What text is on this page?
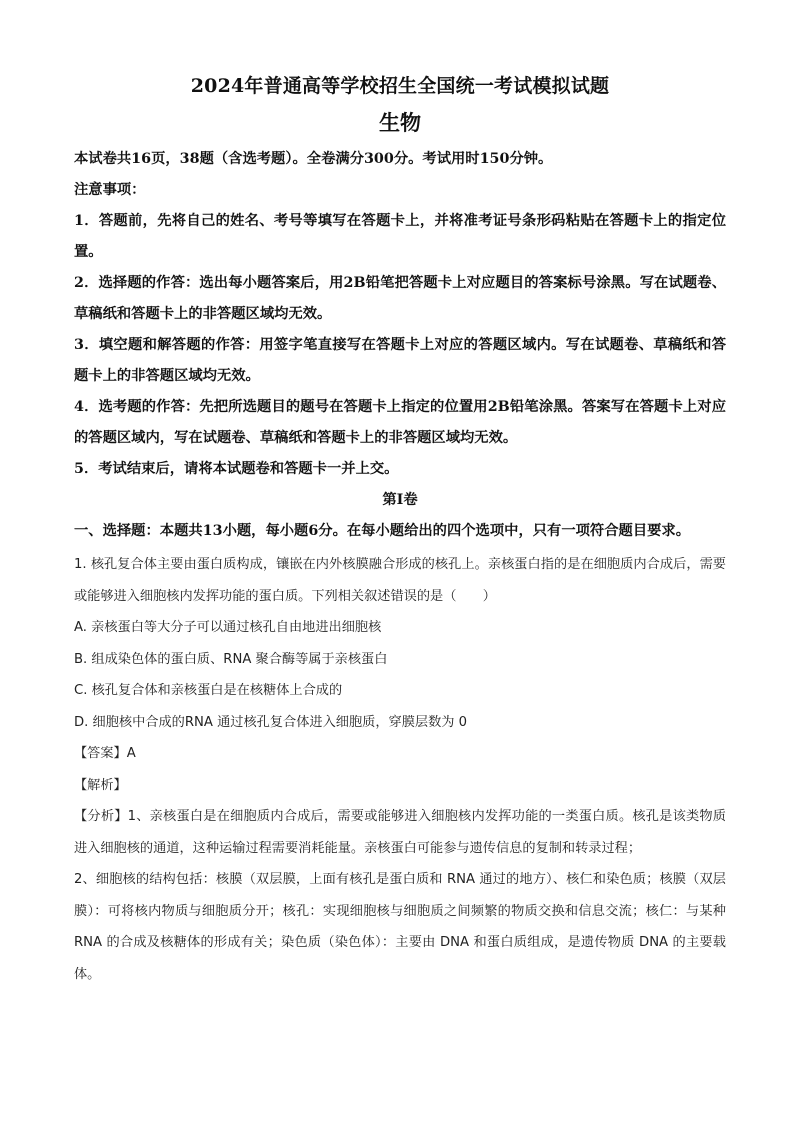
2024年普通高等学校招生全国统一考试模拟试题
生物

本试卷共16页，38题（含选考题）。全卷满分300分。考试用时150分钟。

注意事项：

1．答题前，先将自己的姓名、考号等填写在答题卡上，并将准考证号条形码粘贴在答题卡上的指定位置。

2．选择题的作答：选出每小题答案后，用2B铅笔把答题卡上对应题目的答案标号涂黑。写在试题卷、草稿纸和答题卡上的非答题区域均无效。

3．填空题和解答题的作答：用签字笔直接写在答题卡上对应的答题区域内。写在试题卷、草稿纸和答题卡上的非答题区域均无效。

4．选考题的作答：先把所选题目的题号在答题卡上指定的位置用2B铅笔涂黑。答案写在答题卡上对应的答题区域内，写在试题卷、草稿纸和答题卡上的非答题区域均无效。

5．考试结束后，请将本试题卷和答题卡一并上交。

第I卷

一、选择题：本题共13小题，每小题6分。在每小题给出的四个选项中，只有一项符合题目要求。

1. 核孔复合体主要由蛋白质构成，镶嵌在内外核膜融合形成的核孔上。亲核蛋白指的是在细胞质内合成后，需要或能够进入细胞核内发挥功能的蛋白质。下列相关叙述错误的是（　　）

A. 亲核蛋白等大分子可以通过核孔自由地进出细胞核

B. 组成染色体的蛋白质、RNA 聚合酶等属于亲核蛋白

C. 核孔复合体和亲核蛋白是在核糖体上合成的

D. 细胞核中合成的RNA 通过核孔复合体进入细胞质，穿膜层数为 0

【答案】A

【解析】

【分析】1、亲核蛋白是在细胞质内合成后，需要或能够进入细胞核内发挥功能的一类蛋白质。核孔是该类物质进入细胞核的通道，这种运输过程需要消耗能量。亲核蛋白可能参与遗传信息的复制和转录过程；

2、细胞核的结构包括：核膜（双层膜，上面有核孔是蛋白质和 RNA 通过的地方）、核仁和染色质；核膜（双层膜）：可将核内物质与细胞质分开；核孔：实现细胞核与细胞质之间频繁的物质交换和信息交流；核仁：与某种 RNA 的合成及核糖体的形成有关；染色质（染色体）：主要由 DNA 和蛋白质组成，是遗传物质 DNA 的主要载体。
